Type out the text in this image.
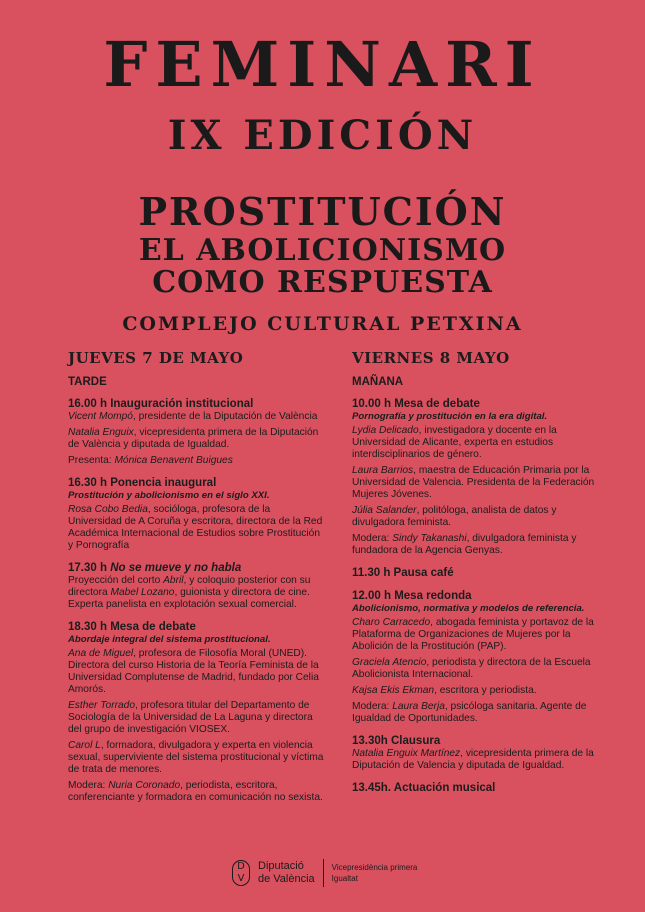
FEMINARI
IX EDICIÓN
PROSTITUCIÓN
EL ABOLICIONISMO
COMO RESPUESTA
COMPLEJO CULTURAL PETXINA
JUEVES 7 DE MAYO
TARDE
16.00 h Inauguración institucional

Vicent Mompó, presidente de la Diputación de València

Natalia Enguix, vicepresidenta primera de la Diputación de València y diputada de Igualdad.

Presenta: Mónica Benavent Buigues

16.30 h Ponencia inaugural
Prostitución y abolicionismo en el siglo XXI.

Rosa Cobo Bedia, socióloga, profesora de la Universidad de A Coruña y escritora, directora de la Red Académica Internacional de Estudios sobre Prostitución y Pornografía

17.30 h No se mueve y no habla

Proyección del corto Abril, y coloquio posterior con su directora Mabel Lozano, guionista y directora de cine. Experta panelista en explotación sexual comercial.

18.30 h Mesa de debate
Abordaje integral del sistema prostitucional.

Ana de Miguel, profesora de Filosofía Moral (UNED). Directora del curso Historia de la Teoría Feminista de la Universidad Complutense de Madrid, fundado por Celia Amorós.

Esther Torrado, profesora titular del Departamento de Sociología de la Universidad de La Laguna y directora del grupo de investigación VIOSEX.

Carol L, formadora, divulgadora y experta en violencia sexual, superviviente del sistema prostitucional y víctima de trata de menores.

Modera: Nuria Coronado, periodista, escritora, conferenciante y formadora en comunicación no sexista.

VIERNES 8 MAYO
MAÑANA
10.00 h Mesa de debate
Pornografía y prostitución en la era digital.

Lydia Delicado, investigadora y docente en la Universidad de Alicante, experta en estudios interdisciplinarios de género.

Laura Barrios, maestra de Educación Primaria por la Universidad de Valencia. Presidenta de la Federación Mujeres Jóvenes.

Júlia Salander, politóloga, analista de datos y divulgadora feminista.

Modera: Sindy Takanashi, divulgadora feminista y fundadora de la Agencia Genyas.

11.30 h Pausa café
12.00 h Mesa redonda
Abolicionismo, normativa y modelos de referencia.

Charo Carracedo, abogada feminista y portavoz de la Plataforma de Organizaciones de Mujeres por la Abolición de la Prostitución (PAP).

Graciela Atencio, periodista y directora de la Escuela Abolicionista Internacional.

Kajsa Ekis Ekman, escritora y periodista.

Modera: Laura Berja, psicóloga sanitaria. Agente de Igualdad de Oportunidades.

13.30h Clausura

Natalia Enguix Martínez, vicepresidenta primera de la Diputación de Valencia y diputada de Igualdad.

13.45h. Actuación musical
D
V
Diputació
de València
Vicepresidència primera
Igualtat
